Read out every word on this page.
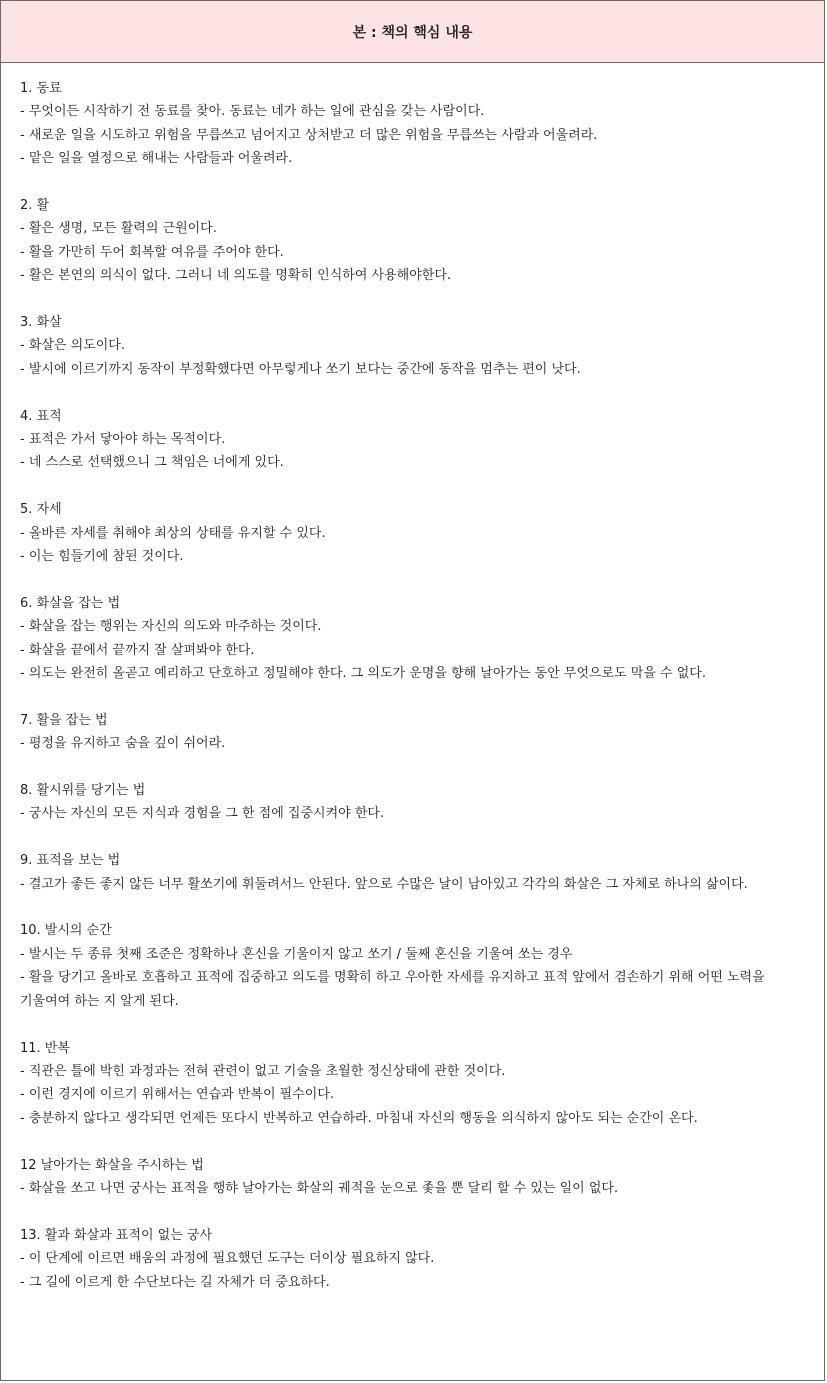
본 : 책의 핵심 내용
1. 동료
- 무엇이든 시작하기 전 동료를 찾아. 동료는 네가 하는 일에 관심을 갖는 사람이다.
- 새로운 일을 시도하고 위험을 무릅쓰고 넘어지고 상처받고 더 많은 위험을 무릅쓰는 사람과 어울려라.
- 맡은 일을 열정으로 해내는 사람들과 어울려라.
2. 활
- 활은 생명, 모든 활력의 근원이다.
- 활을 가만히 두어 회복할 여유를 주어야 한다.
- 활은 본연의 의식이 없다. 그러니 네 의도를 명확히 인식하여 사용해야한다.
3. 화살
- 화살은 의도이다.
- 발시에 이르기까지 동작이 부정확했다면 아무렇게나 쏘기 보다는 중간에 동작을 멈추는 편이 낫다.
4. 표적
- 표적은 가서 닿아야 하는 목적이다.
- 네 스스로 선택했으니 그 책임은 너에게 있다.
5. 자세
- 올바른 자세를 취해야 최상의 상태를 유지할 수 있다.
- 이는 힘들기에 참된 것이다.
6. 화살을 잡는 법
- 화살을 잡는 행위는 자신의 의도와 마주하는 것이다.
- 화살을 끝에서 끝까지 잘 살펴봐야 한다.
- 의도는 완전히 올곧고 예리하고 단호하고 정밀해야 한다. 그 의도가 운명을 향해 날아가는 동안 무엇으로도 막을 수 없다.
7. 활을 잡는 법
- 평정을 유지하고 숨을 깊이 쉬어라.
8. 활시위를 당기는 법
- 궁사는 자신의 모든 지식과 경험을 그 한 점에 집중시켜야 한다.
9. 표적을 보는 법
- 결고가 좋든 좋지 않든 너무 활쏘기에 휘둘려서느 안된다. 앞으로 수많은 날이 남아있고 각각의 화살은 그 자체로 하나의 삶이다.
10. 발시의 순간
- 발시는 두 종류 첫째 조준은 정확하나 혼신을 기울이지 않고 쏘기 / 둘째 혼신을 기울여 쏘는 경우
- 활을 당기고 올바로 호흡하고 표적에 집중하고 의도를 명확히 하고 우아한 자세를 유지하고 표적 앞에서 겸손하기 위해 어떤 노력을 기울여여 하는 지 알게 된다.
11. 반복
- 직관은 틀에 박힌 과정과는 전혀 관련이 없고 기술을 초월한 정신상태에 관한 것이다.
- 이런 경지에 이르기 위해서는 연습과 반복이 필수이다.
- 충분하지 않다고 생각되면 언제든 또다시 반복하고 연습하라. 마침내 자신의 행동을 의식하지 않아도 되는 순간이 온다.
12 날아가는 화살을 주시하는 법
- 화살을 쏘고 나면 궁사는 표적을 행햐 날아가는 화살의 궤적을 눈으로 좇을 뿐 달리 할 수 있는 일이 없다.
13. 활과 화살과 표적이 없는 궁사
- 이 단계에 이르면 배움의 과정에 필요했던 도구는 더이상 필요하지 않다.
- 그 길에 이르게 한 수단보다는 길 자체가 더 중요하다.
